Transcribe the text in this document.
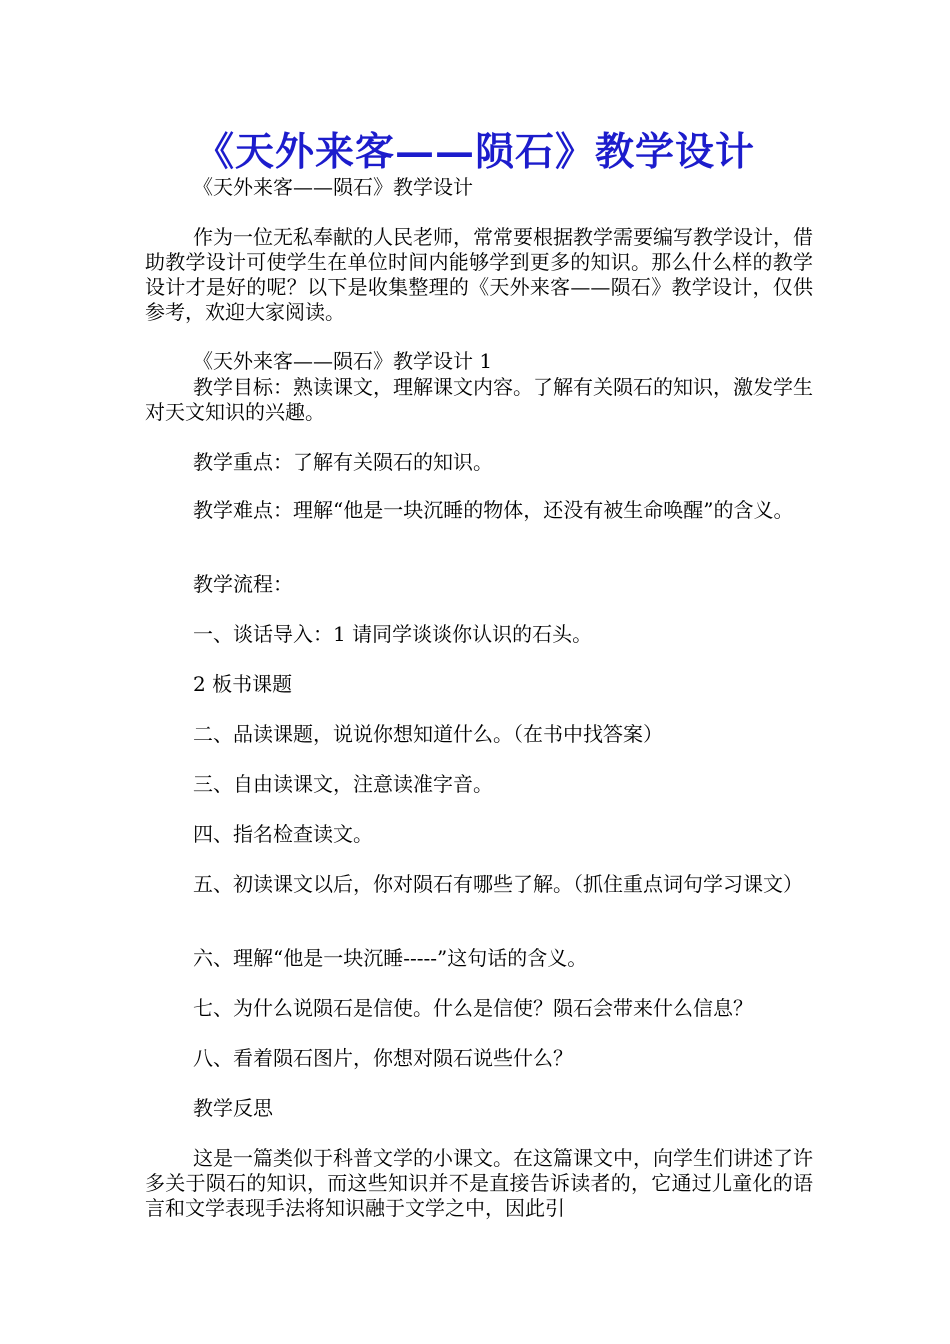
《天外来客——陨石》教学设计
《天外来客——陨石》教学设计
作为一位无私奉献的人民老师，常常要根据教学需要编写教学设计，借助教学设计可使学生在单位时间内能够学到更多的知识。那么什么样的教学设计才是好的呢？以下是收集整理的《天外来客——陨石》教学设计，仅供参考，欢迎大家阅读。
《天外来客——陨石》教学设计 1
教学目标：熟读课文，理解课文内容。了解有关陨石的知识，激发学生对天文知识的兴趣。
教学重点：了解有关陨石的知识。
教学难点：理解“他是一块沉睡的物体，还没有被生命唤醒”的含义。
教学流程：
一、谈话导入：1 请同学谈谈你认识的石头。
2 板书课题
二、品读课题，说说你想知道什么。（在书中找答案）
三、自由读课文，注意读准字音。
四、指名检查读文。
五、初读课文以后，你对陨石有哪些了解。（抓住重点词句学习课文）
六、理解“他是一块沉睡-----”这句话的含义。
七、为什么说陨石是信使。什么是信使？陨石会带来什么信息？
八、看着陨石图片，你想对陨石说些什么？
教学反思
这是一篇类似于科普文学的小课文。在这篇课文中，向学生们讲述了许多关于陨石的知识，而这些知识并不是直接告诉读者的，它通过儿童化的语言和文学表现手法将知识融于文学之中，因此引
